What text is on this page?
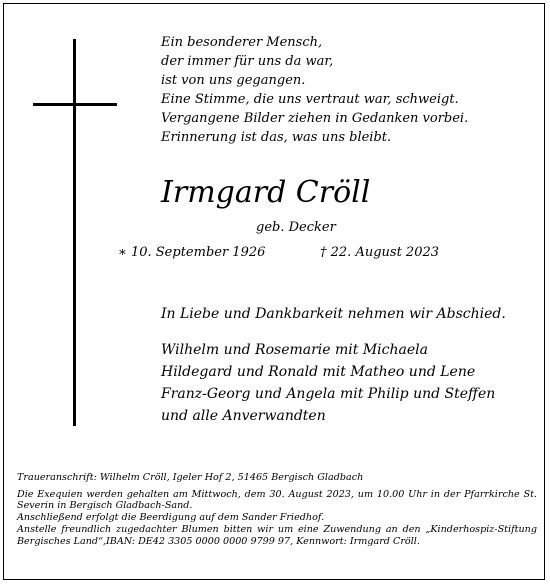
Ein besonderer Mensch,
der immer für uns da war,
ist von uns gegangen.
Eine Stimme, die uns vertraut war, schweigt.
Vergangene Bilder ziehen in Gedanken vorbei.
Erinnerung ist das, was uns bleibt.
Irmgard Cröll
geb. Decker
∗ 10. September 1926	† 22. August 2023
In Liebe und Dankbarkeit nehmen wir Abschied.
Wilhelm und Rosemarie mit Michaela
Hildegard und Ronald mit Matheo und Lene
Franz-Georg und Angela mit Philip und Steffen
und alle Anverwandten

Traueranschrift: Wilhelm Cröll, Igeler Hof 2, 51465 Bergisch Gladbach

Die Exequien werden gehalten am Mittwoch, dem 30. August 2023, um 10.00 Uhr in der Pfarrkirche St. Severin in Bergisch Gladbach-Sand.

Anschließend erfolgt die Beerdigung auf dem Sander Friedhof.

Anstelle freundlich zugedachter Blumen bitten wir um eine Zuwendung an den „Kinderhospiz-Stiftung Bergisches Land“,IBAN: DE42 3305 0000 0000 9799 97, Kennwort: Irmgard Cröll.
